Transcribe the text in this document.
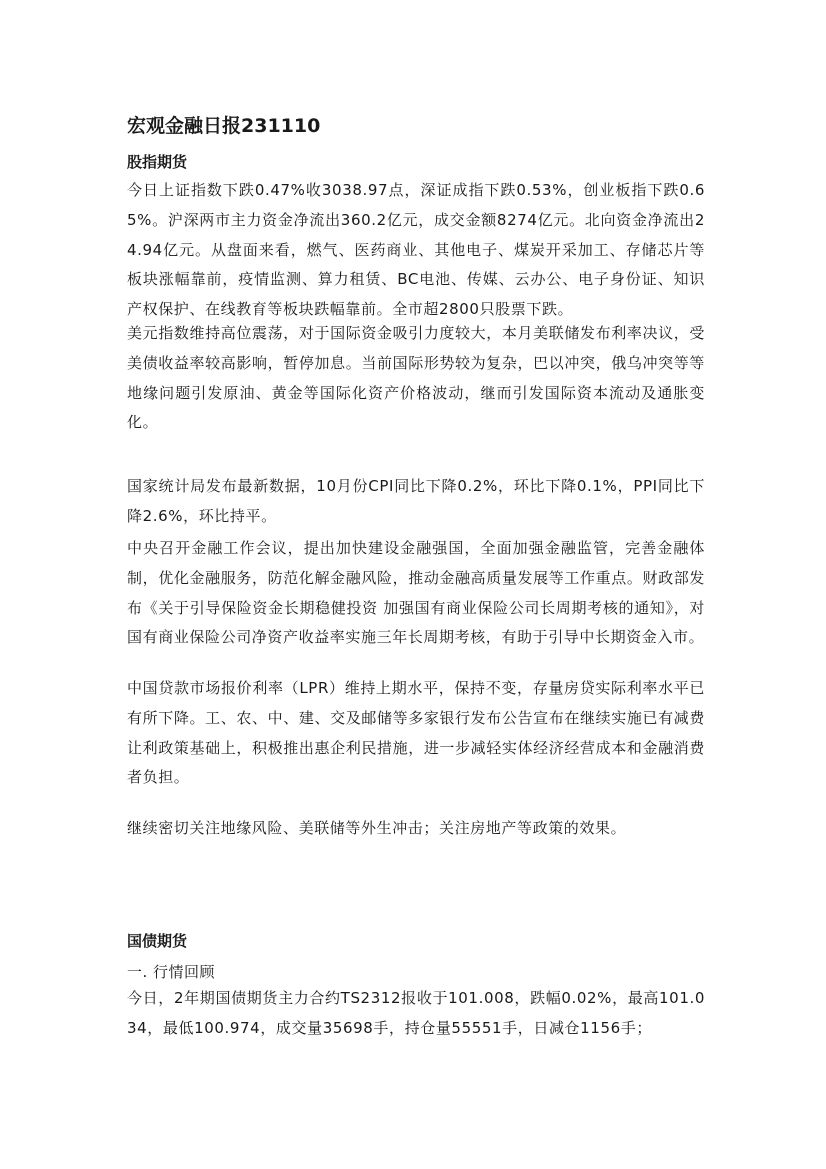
宏观金融日报231110
股指期货

今日上证指数下跌0.47%收3038.97点，深证成指下跌0.53%，创业板指下跌0.65%。沪深两市主力资金净流出360.2亿元，成交金额8274亿元。北向资金净流出24.94亿元。从盘面来看，燃气、医药商业、其他电子、煤炭开采加工、存储芯片等板块涨幅靠前，疫情监测、算力租赁、BC电池、传媒、云办公、电子身份证、知识产权保护、在线教育等板块跌幅靠前。全市超2800只股票下跌。

美元指数维持高位震荡，对于国际资金吸引力度较大，本月美联储发布利率决议，受美债收益率较高影响，暂停加息。当前国际形势较为复杂，巴以冲突，俄乌冲突等等地缘问题引发原油、黄金等国际化资产价格波动，继而引发国际资本流动及通胀变化。

国家统计局发布最新数据，10月份CPI同比下降0.2%，环比下降0.1%，PPI同比下降2.6%，环比持平。

中央召开金融工作会议，提出加快建设金融强国，全面加强金融监管，完善金融体制，优化金融服务，防范化解金融风险，推动金融高质量发展等工作重点。财政部发布《关于引导保险资金长期稳健投资 加强国有商业保险公司长周期考核的通知》，对国有商业保险公司净资产收益率实施三年长周期考核，有助于引导中长期资金入市。

中国贷款市场报价利率（LPR）维持上期水平，保持不变，存量房贷实际利率水平已有所下降。工、农、中、建、交及邮储等多家银行发布公告宣布在继续实施已有减费让利政策基础上，积极推出惠企利民措施，进一步减轻实体经济经营成本和金融消费者负担。

继续密切关注地缘风险、美联储等外生冲击；关注房地产等政策的效果。

国债期货
一. 行情回顾

今日，2年期国债期货主力合约TS2312报收于101.008，跌幅0.02%，最高101.034，最低100.974，成交量35698手，持仓量55551手，日减仓1156手；
